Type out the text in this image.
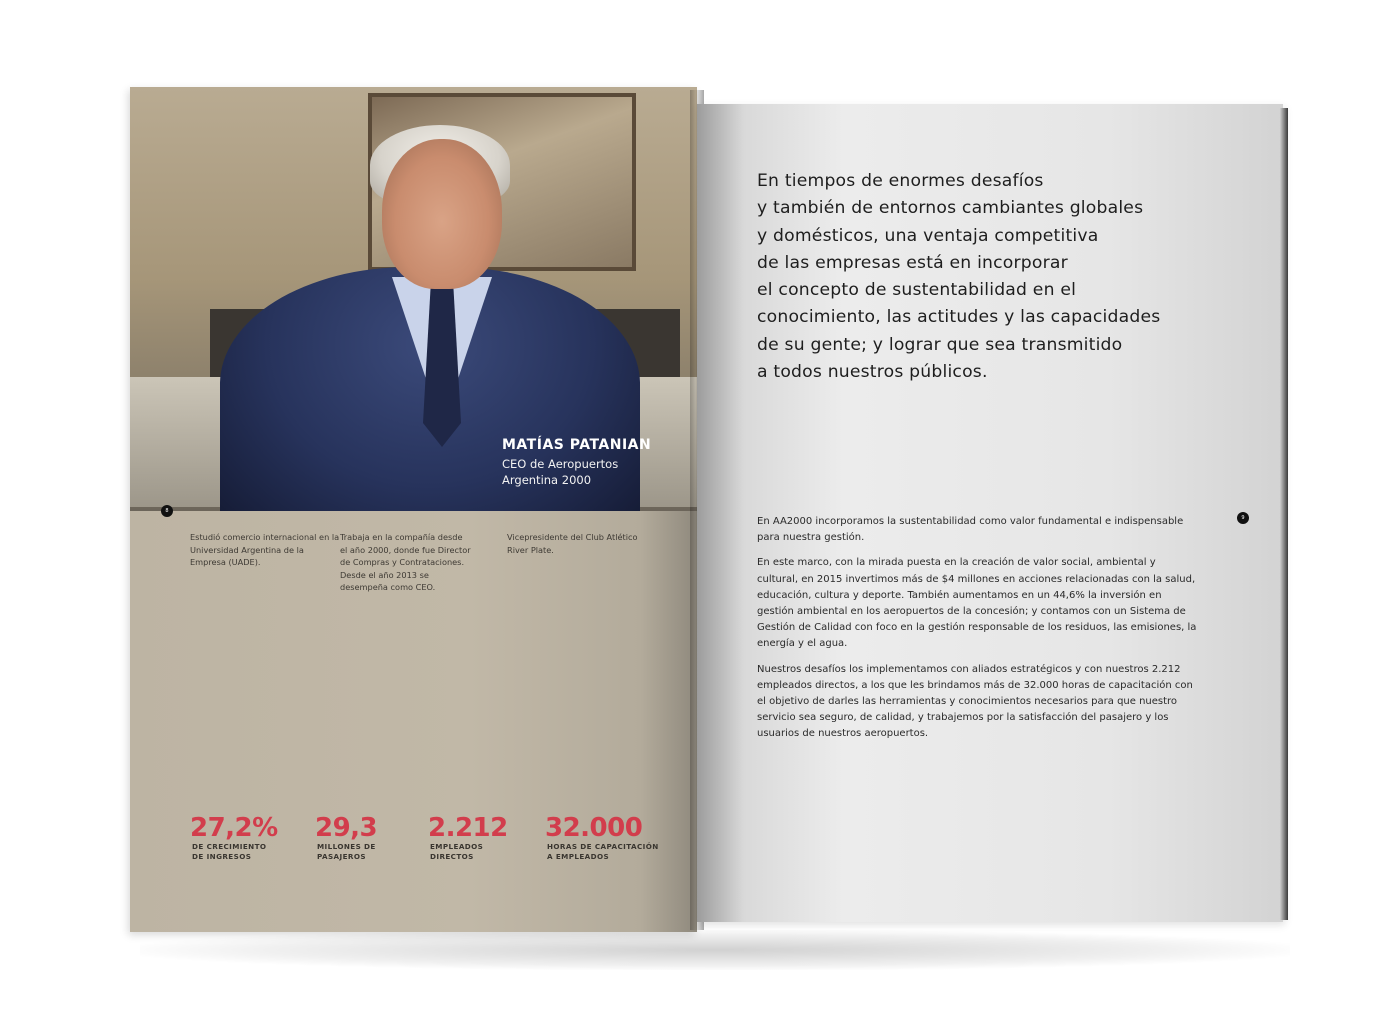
MATÍAS PATANIAN
CEO de Aeropuertos
Argentina 2000
8
Estudió comercio internacional en la Universidad Argentina de la Empresa (UADE).
Trabaja en la compañía desde el año 2000, donde fue Director de Compras y Contrataciones. Desde el año 2013 se desempeña como CEO.
Vicepresidente del Club Atlético River Plate.
27,2%
DE CRECIMIENTO DE INGRESOS
29,3
MILLONES DE PASAJEROS
2.212
EMPLEADOS DIRECTOS
32.000
HORAS DE CAPACITACIÓN A EMPLEADOS
En tiempos de enormes desafíos
y también de entornos cambiantes globales
y domésticos, una ventaja competitiva
de las empresas está en incorporar
el concepto de sustentabilidad en el
conocimiento, las actitudes y las capacidades
de su gente; y lograr que sea transmitido
a todos nuestros públicos.
9

En AA2000 incorporamos la sustentabilidad como valor fundamental e indispensable para nuestra gestión.

En este marco, con la mirada puesta en la creación de valor social, ambiental y cultural, en 2015 invertimos más de $4 millones en acciones relacionadas con la salud, educación, cultura y deporte. También aumentamos en un 44,6% la inversión en gestión ambiental en los aeropuertos de la concesión; y contamos con un Sistema de Gestión de Calidad con foco en la gestión responsable de los residuos, las emisiones, la energía y el agua.

Nuestros desafíos los implementamos con aliados estratégicos y con nuestros 2.212 empleados directos, a los que les brindamos más de 32.000 horas de capacitación con el objetivo de darles las herramientas y conocimientos necesarios para que nuestro servicio sea seguro, de calidad, y trabajemos por la satisfacción del pasajero y los usuarios de nuestros aeropuertos.
